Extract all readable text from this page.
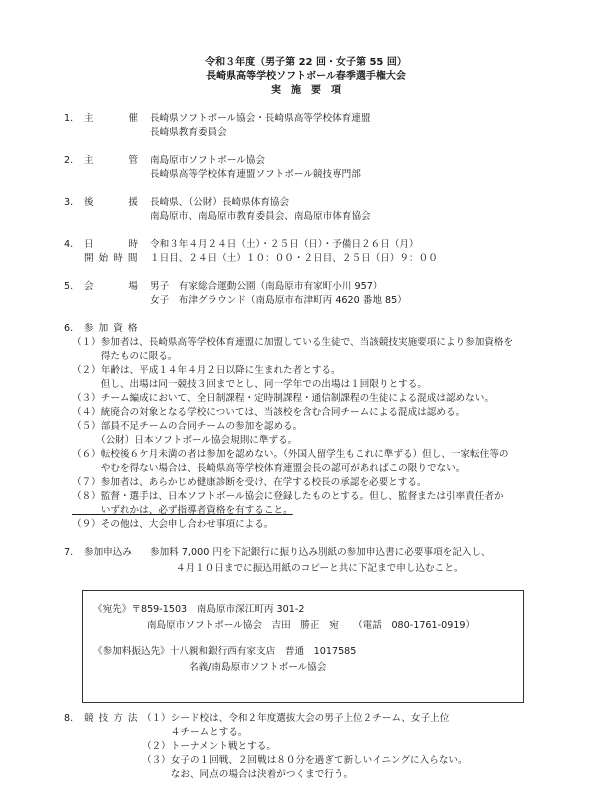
令和３年度（男子第 22 回・女子第 55 回）
長崎県高等学校ソフトボール春季選手権大会
実施要項
1. 主	催 長崎県ソフトボール協会・長崎県高等学校体育連盟
長崎県教育委員会
2. 主	管 南島原市ソフトボール協会
長崎県高等学校体育連盟ソフトボール競技専門部
3. 後	援 長崎県、（公財）長崎県体育協会
南島原市、南島原市教育委員会、南島原市体育協会
4. 日	時 令和３年４月２４日（土）・２５日（日）・予備日２６日（月）
開 始 時 間 １日目、２４日（土）１０：００・２日目、２５日（日）９：００
5. 会	場 男子　有家総合運動公園（南島原市有家町小川 957）
女子　布津グラウンド（南島原市布津町丙 4620 番地 85）
6. 参 加 資 格
（１）参加者は、長崎県高等学校体育連盟に加盟している生徒で、当該競技実施要項により参加資格を
　　　得たものに限る。
（２）年齢は、平成１４年４月２日以降に生まれた者とする。
　　　但し、出場は同一競技３回までとし、同一学年での出場は１回限りとする。
（３）チーム編成において、全日制課程・定時制課程・通信制課程の生徒による混成は認めない。
（４）統廃合の対象となる学校については、当該校を含む合同チームによる混成は認める。
（５）部員不足チームの合同チームの参加を認める。
　　　（公財）日本ソフトボール協会規則に準ずる。
（６）転校後６ケ月未満の者は参加を認めない。（外国人留学生もこれに準ずる）但し、一家転住等の
　　　やむを得ない場合は、長崎県高等学校体育連盟会長の認可があればこの限りでない。
（７）参加者は、あらかじめ健康診断を受け、在学する校長の承認を必要とする。
（８）監督・選手は、日本ソフトボール協会に登録したものとする。但し、監督または引率責任者か
　　　いずれかは、必ず指導者資格を有すること。
（９）その他は、大会申し合わせ事項による。
7. 参加申込み 参加料 7,000 円を下記銀行に振り込み別紙の参加申込書に必要事項を記入し、
４月１０日までに振込用紙のコピーと共に下記まで申し込むこと。
《宛先》〒859-1503　南島原市深江町丙 301-2
南島原市ソフトボール協会　吉田　勝正　宛　　（電話　080-1761-0919）
《参加料振込先》十八親和銀行西有家支店　普通　1017585
名義/南島原市ソフトボール協会
8. 競 技 方 法 （１）シード校は、令和２年度選抜大会の男子上位２チーム、女子上位
　　　４チームとする。
（２）トーナメント戦とする。
（３）女子の１回戦、２回戦は８０分を過ぎて新しいイニングに入らない。
　　　なお、同点の場合は決着がつくまで行う。
